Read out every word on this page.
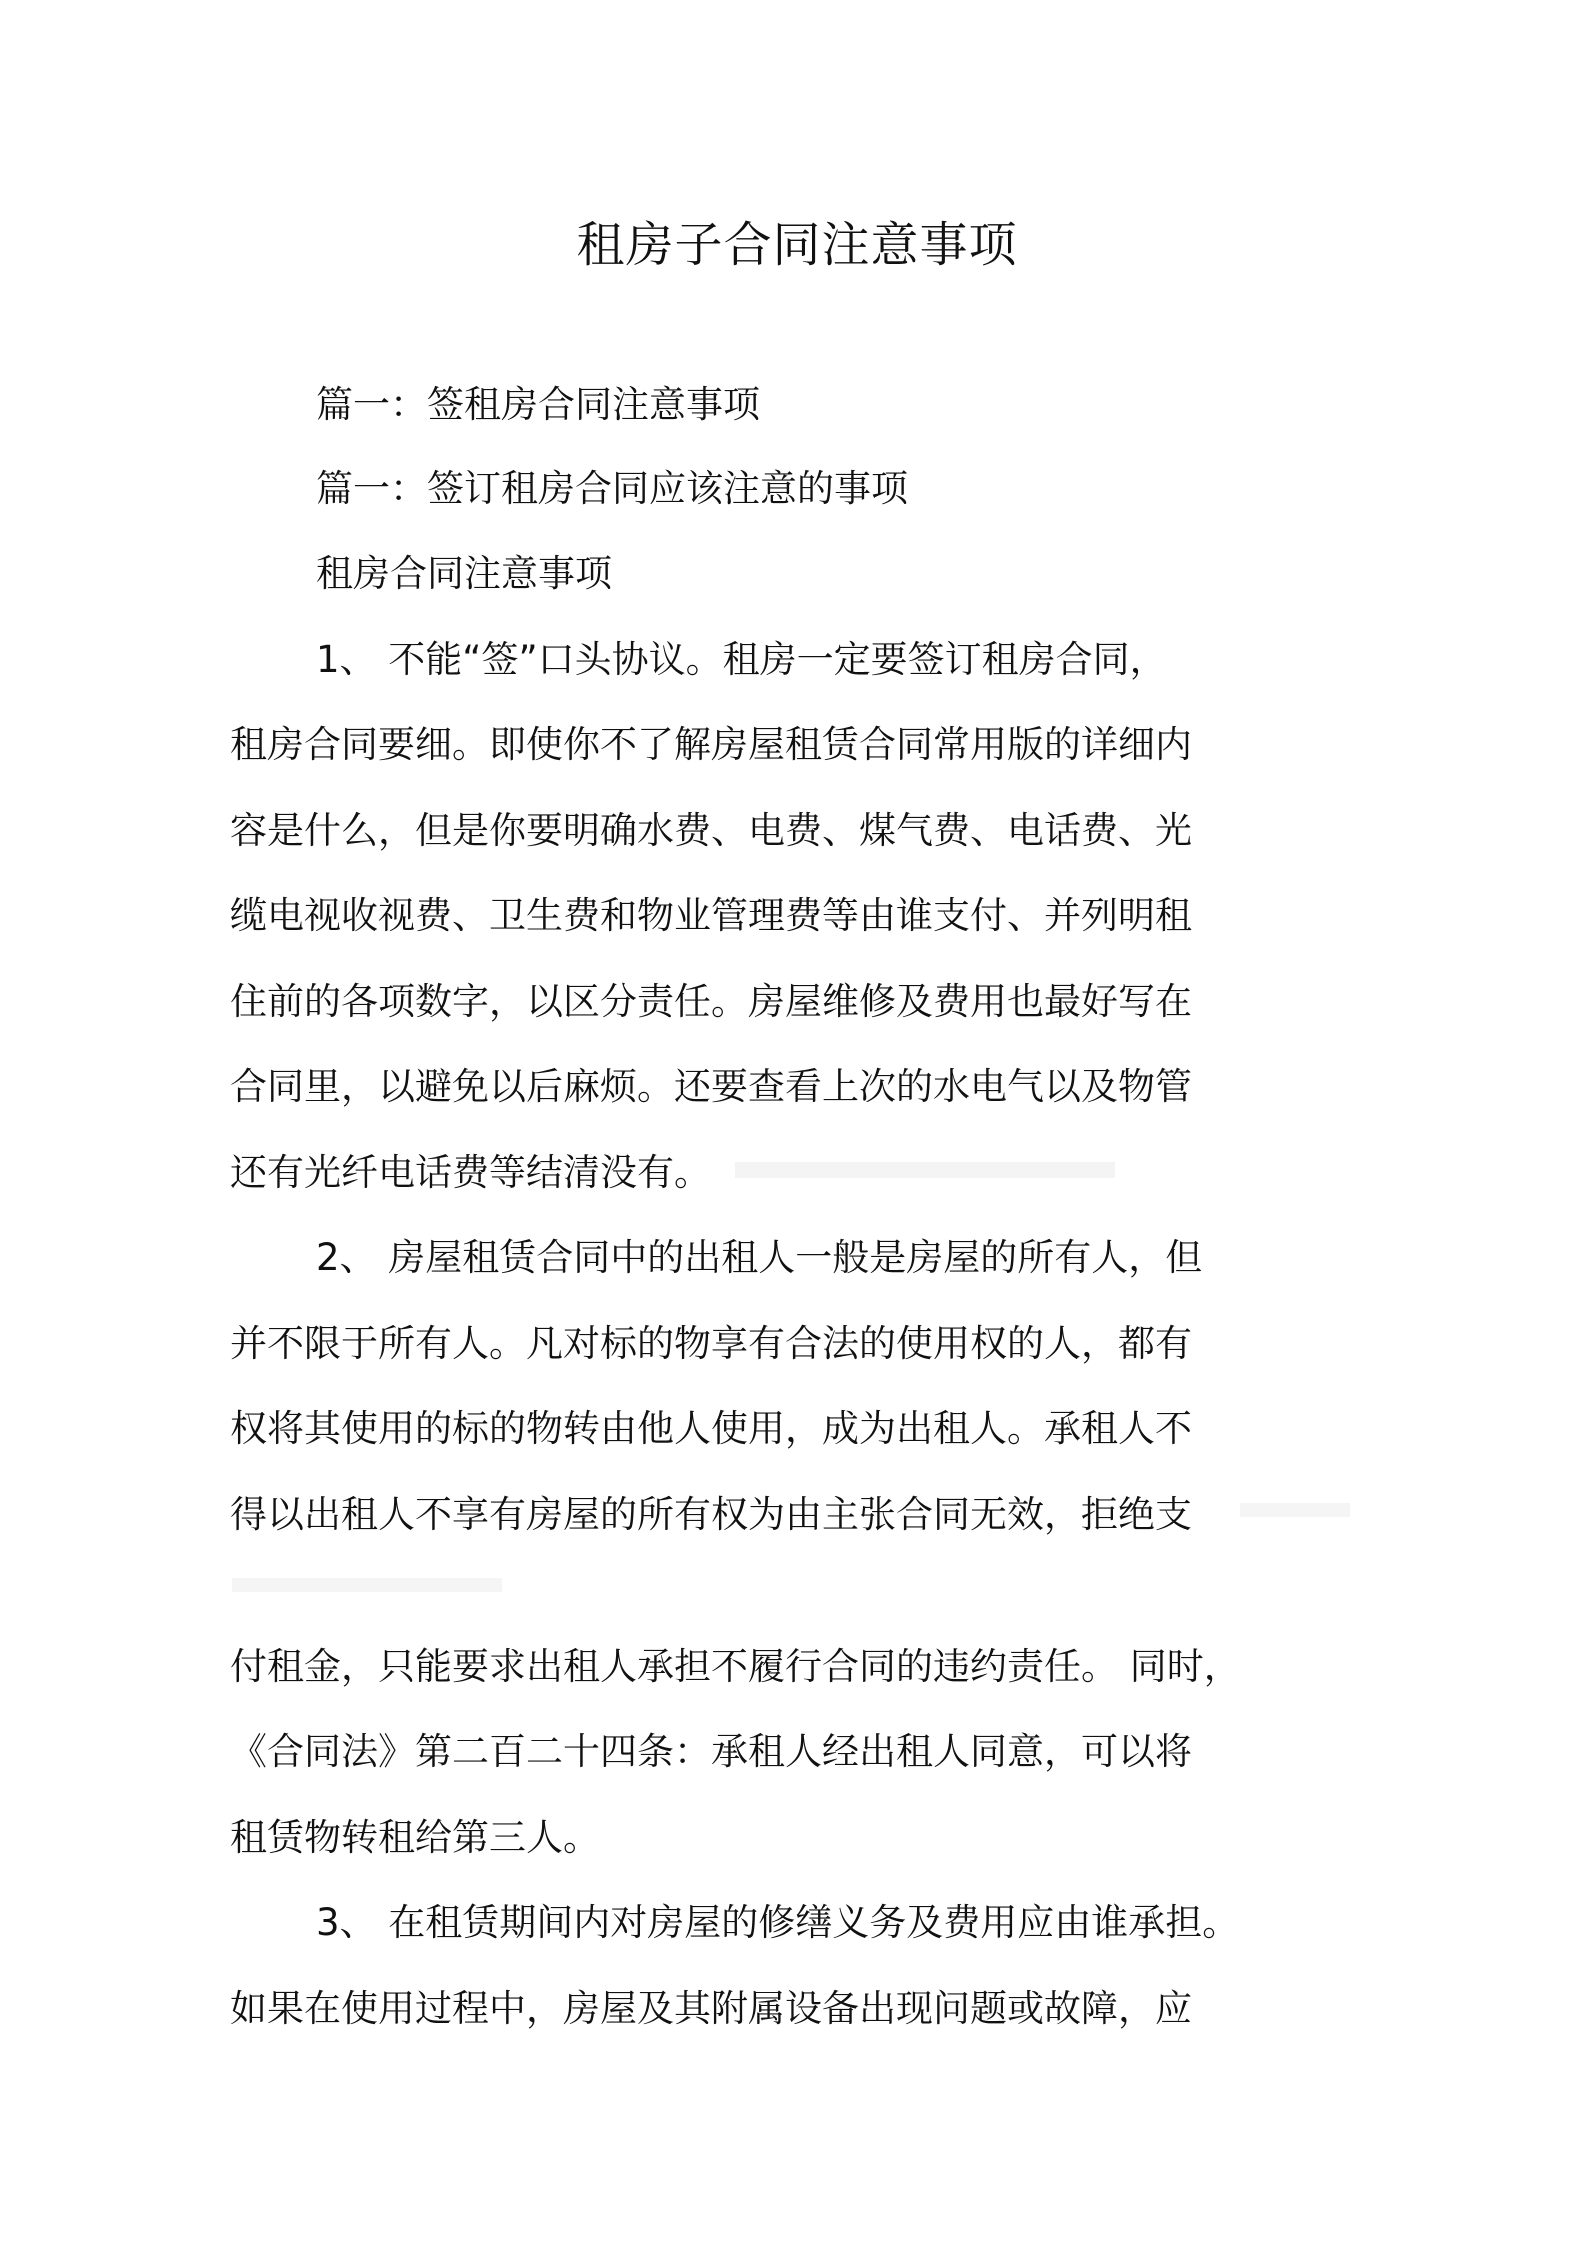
租房子合同注意事项

篇一：签租房合同注意事项

篇一：签订租房合同应该注意的事项

租房合同注意事项

1、 不能“签”口头协议。租房一定要签订租房合同，

租房合同要细。即使你不了解房屋租赁合同常用版的详细内

容是什么，但是你要明确水费、电费、煤气费、电话费、光

缆电视收视费、卫生费和物业管理费等由谁支付、并列明租

住前的各项数字，以区分责任。房屋维修及费用也最好写在

合同里，以避免以后麻烦。还要查看上次的水电气以及物管

还有光纤电话费等结清没有。

2、 房屋租赁合同中的出租人一般是房屋的所有人，但

并不限于所有人。凡对标的物享有合法的使用权的人，都有

权将其使用的标的物转由他人使用，成为出租人。承租人不

得以出租人不享有房屋的所有权为由主张合同无效，拒绝支

付租金，只能要求出租人承担不履行合同的违约责任。 同时，

《合同法》第二百二十四条：承租人经出租人同意，可以将

租赁物转租给第三人。

3、 在租赁期间内对房屋的修缮义务及费用应由谁承担。

如果在使用过程中，房屋及其附属设备出现问题或故障，应
